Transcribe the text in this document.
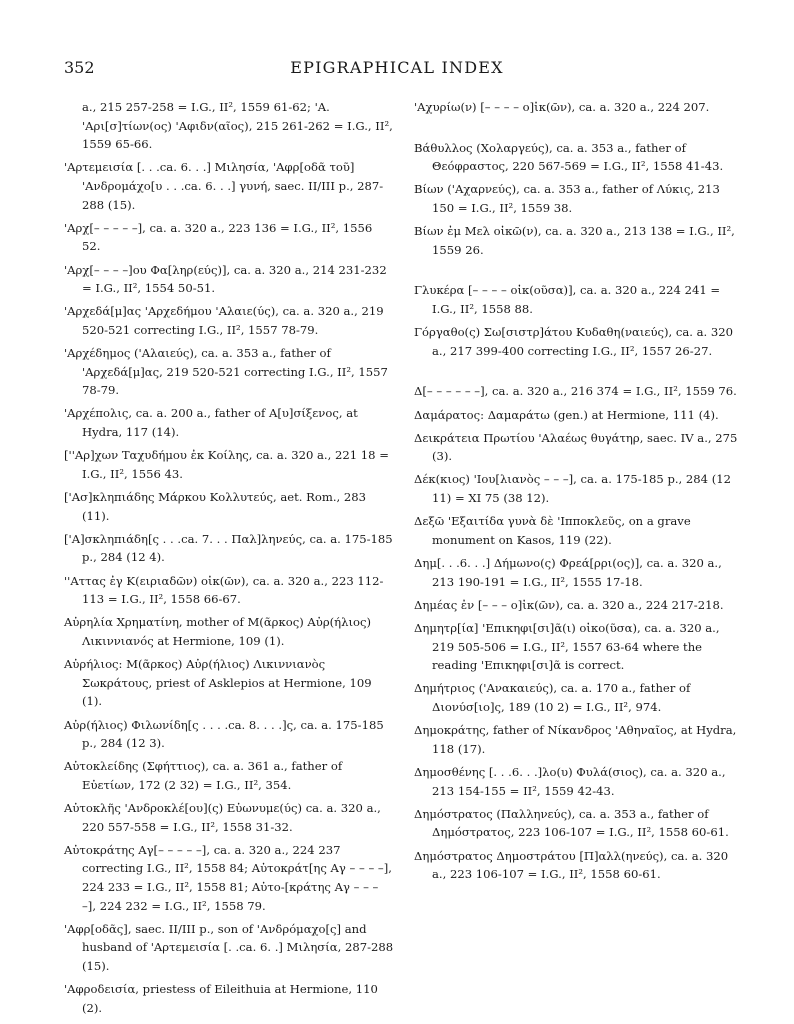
352	EPIGRAPHICAL INDEX

a., 215 257-258 = I.G., II², 1559 61-62; 'Α. 'Αρι[σ]τίων(ος) 'Αφιδν(αῖος), 215 261-262 = I.G., II², 1559 65-66.

'Αρτεμεισία [. . .ca. 6. . .] Μιλησία, 'Αφρ[οδᾶ τοῦ] 'Ανδρομάχο[υ . . .ca. 6. . .] γυνή, saec. II/III p., 287-288 (15).

'Αρχ[– – – – –], ca. a. 320 a., 223 136 = I.G., II², 1556 52.

'Αρχ[– – – –]ου Φα[ληρ(εύς)], ca. a. 320 a., 214 231-232 = I.G., II², 1554 50-51.

'Αρχεδά[μ]ας 'Αρχεδήμου 'Αλαιε(ύς), ca. a. 320 a., 219 520-521 correcting I.G., II², 1557 78-79.

'Αρχέδημος ('Αλαιεύς), ca. a. 353 a., father of 'Αρχεδά[μ]ας, 219 520-521 correcting I.G., II², 1557 78-79.

'Αρχέπολις, ca. a. 200 a., father of Α[υ]σίξενος, at Hydra, 117 (14).

[''Αρ]χων Ταχυδήμου ἐκ Κοίλης, ca. a. 320 a., 221 18 = I.G., II², 1556 43.

['Ασ]κληπιάδης Μάρκου Κολλυτεύς, aet. Rom., 283 (11).

['Α]σκληπιάδη[ς . . .ca. 7. . . Παλ]ληνεύς, ca. a. 175-185 p., 284 (12 4).

''Αττας ἐγ Κ(ειριαδῶν) οἰκ(ῶν), ca. a. 320 a., 223 112-113 = I.G., II², 1558 66-67.

Αὐρηλία Χρηματίνη, mother of Μ(ᾶρκος) Αὐρ(ήλιος) Λικιννιανός at Hermione, 109 (1).

Αὐρήλιος: Μ(ᾶρκος) Αὐρ(ήλιος) Λικιννιανὸς Σωκράτους, priest of Asklepios at Hermione, 109 (1).

Αὐρ(ήλιος) Φιλωνίδη[ς . . . .ca. 8. . . .]ς, ca. a. 175-185 p., 284 (12 3).

Αὐτοκλείδης (Σφήττιος), ca. a. 361 a., father of Εὐετίων, 172 (2 32) = I.G., II², 354.

Αὐτοκλῆς 'Ανδροκλέ[ου](ς) Εὐωνυμε(ύς) ca. a. 320 a., 220 557-558 = I.G., II², 1558 31-32.

Αὐτοκράτης Αγ[– – – – –], ca. a. 320 a., 224 237 correcting I.G., II², 1558 84; Αὐτοκράτ[ης Αγ – – – –], 224 233 = I.G., II², 1558 81; Αὐτο-[κράτης Αγ – – – –], 224 232 = I.G., II², 1558 79.

'Αφρ[οδᾶς], saec. II/III p., son of 'Ανδρόμαχο[ς] and husband of 'Αρτεμεισία [. .ca. 6. .] Μιλησία, 287-288 (15).

'Αφροδεισία, priestess of Eileithuia at Hermione, 110 (2).

'Αχυρίω(ν) [– – – – ο]ἰκ(ῶν), ca. a. 320 a., 224 207.

Βάθυλλος (Χολαργεύς), ca. a. 353 a., father of Θεόφραστος, 220 567-569 = I.G., II², 1558 41-43.

Βίων ('Αχαρνεύς), ca. a. 353 a., father of Λύκις, 213 150 = I.G., II², 1559 38.

Βίων ἐμ Μελ οἰκῶ(ν), ca. a. 320 a., 213 138 = I.G., II², 1559 26.

Γλυκέρα [– – – – οἰκ(οῦσα)], ca. a. 320 a., 224 241 = I.G., II², 1558 88.

Γόργαθο(ς) Σω[σιστρ]άτου Κυδαθη(ναιεύς), ca. a. 320 a., 217 399-400 correcting I.G., II², 1557 26-27.

Δ[– – – – – –], ca. a. 320 a., 216 374 = I.G., II², 1559 76.

Δαμάρατος: Δαμαράτω (gen.) at Hermione, 111 (4).

Δεικράτεια Πρωτίου 'Αλαέως θυγάτηρ, saec. IV a., 275 (3).

Δέκ(κιος) 'Ιου[λιανὸς – – –], ca. a. 175-185 p., 284 (12 11) = XI 75 (38 12).

Δεξῶ 'Εξαιτίδα γυνὰ δὲ 'Ιπποκλεῦς, on a grave monument on Kasos, 119 (22).

Δημ[. . .6. . .] Δήμωνο(ς) Φρεά[ρρι(ος)], ca. a. 320 a., 213 190-191 = I.G., II², 1555 17-18.

Δημέας ἐν [– – – ο]ἰκ(ῶν), ca. a. 320 a., 224 217-218.

Δημητρ[ία] 'Επικηφι[σι]ᾶ(ι) οἰκο(ῦσα), ca. a. 320 a., 219 505-506 = I.G., II², 1557 63-64 where the reading 'Επικηφι[σι]ᾶ is correct.

Δημήτριος ('Ανακαιεύς), ca. a. 170 a., father of Διονύσ[ιο]ς, 189 (10 2) = I.G., II², 974.

Δημοκράτης, father of Νίκανδρος 'Αθηναῖος, at Hydra, 118 (17).

Δημοσθένης [. . .6. . .]λο(υ) Φυλά(σιος), ca. a. 320 a., 213 154-155 = II², 1559 42-43.

Δημόστρατος (Παλληνεύς), ca. a. 353 a., father of Δημόστρατος, 223 106-107 = I.G., II², 1558 60-61.

Δημόστρατος Δημοστράτου [Π]αλλ(ηνεύς), ca. a. 320 a., 223 106-107 = I.G., II², 1558 60-61.
